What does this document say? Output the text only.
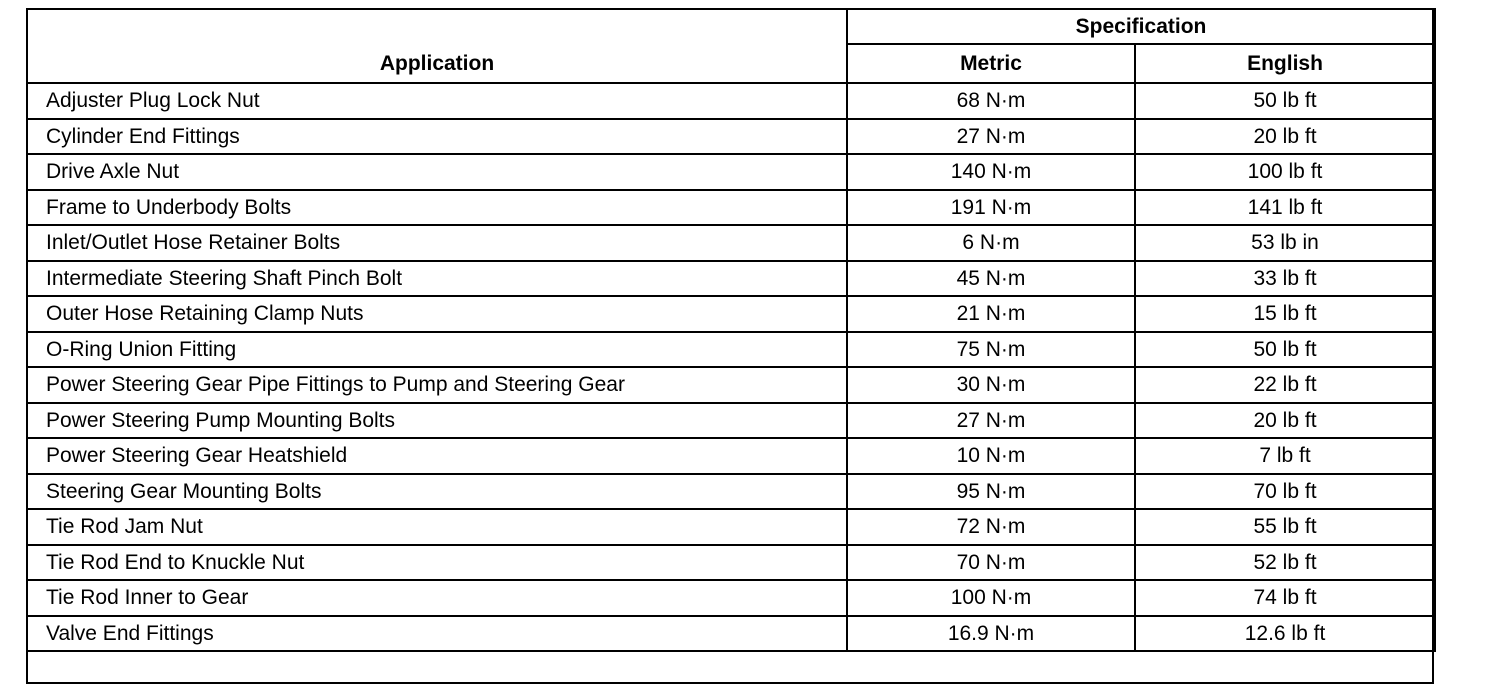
Application	Specification	
	Metric	English
Adjuster Plug Lock Nut	68 N·m	50 lb ft
Cylinder End Fittings	27 N·m	20 lb ft
Drive Axle Nut	140 N·m	100 lb ft
Frame to Underbody Bolts	191 N·m	141 lb ft
Inlet/Outlet Hose Retainer Bolts	6 N·m	53 lb in
Intermediate Steering Shaft Pinch Bolt	45 N·m	33 lb ft
Outer Hose Retaining Clamp Nuts	21 N·m	15 lb ft
O-Ring Union Fitting	75 N·m	50 lb ft
Power Steering Gear Pipe Fittings to Pump and Steering Gear	30 N·m	22 lb ft
Power Steering Pump Mounting Bolts	27 N·m	20 lb ft
Power Steering Gear Heatshield	10 N·m	7 lb ft
Steering Gear Mounting Bolts	95 N·m	70 lb ft
Tie Rod Jam Nut	72 N·m	55 lb ft
Tie Rod End to Knuckle Nut	70 N·m	52 lb ft
Tie Rod Inner to Gear	100 N·m	74 lb ft
Valve End Fittings	16.9 N·m	12.6 lb ft
